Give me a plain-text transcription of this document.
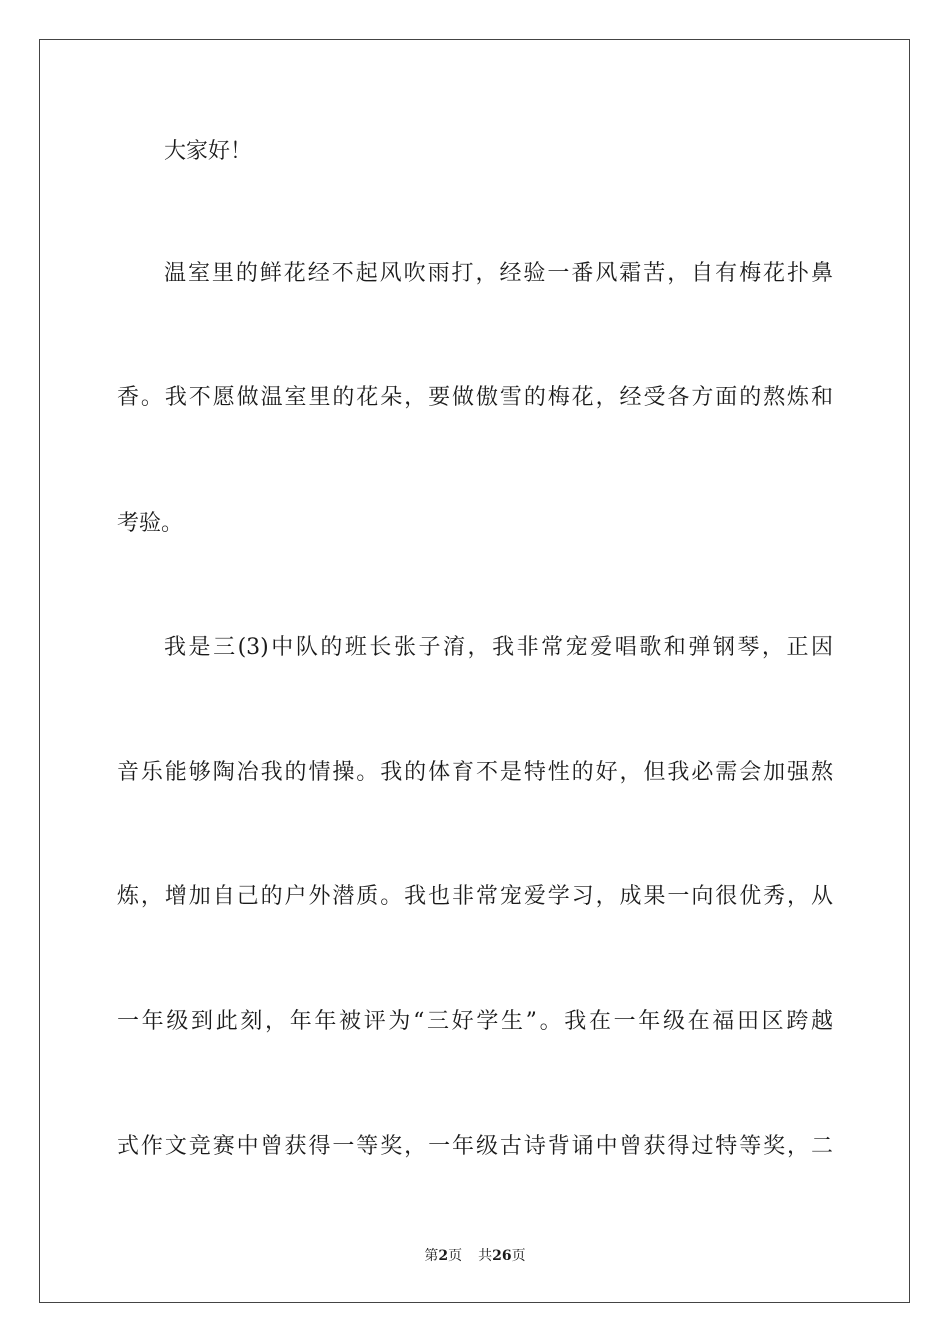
大家好！
温室里的鲜花经不起风吹雨打，经验一番风霜苦，自有梅花扑鼻
香。我不愿做温室里的花朵，要做傲雪的梅花，经受各方面的熬炼和
考验。
我是三(3)中队的班长张子淯，我非常宠爱唱歌和弹钢琴，正因
音乐能够陶冶我的情操。我的体育不是特性的好，但我必需会加强熬
炼，增加自己的户外潜质。我也非常宠爱学习，成果一向很优秀，从
一年级到此刻，年年被评为“三好学生”。我在一年级在福田区跨越
式作文竞赛中曾获得一等奖，一年级古诗背诵中曾获得过特等奖，二
第2页 共26页
